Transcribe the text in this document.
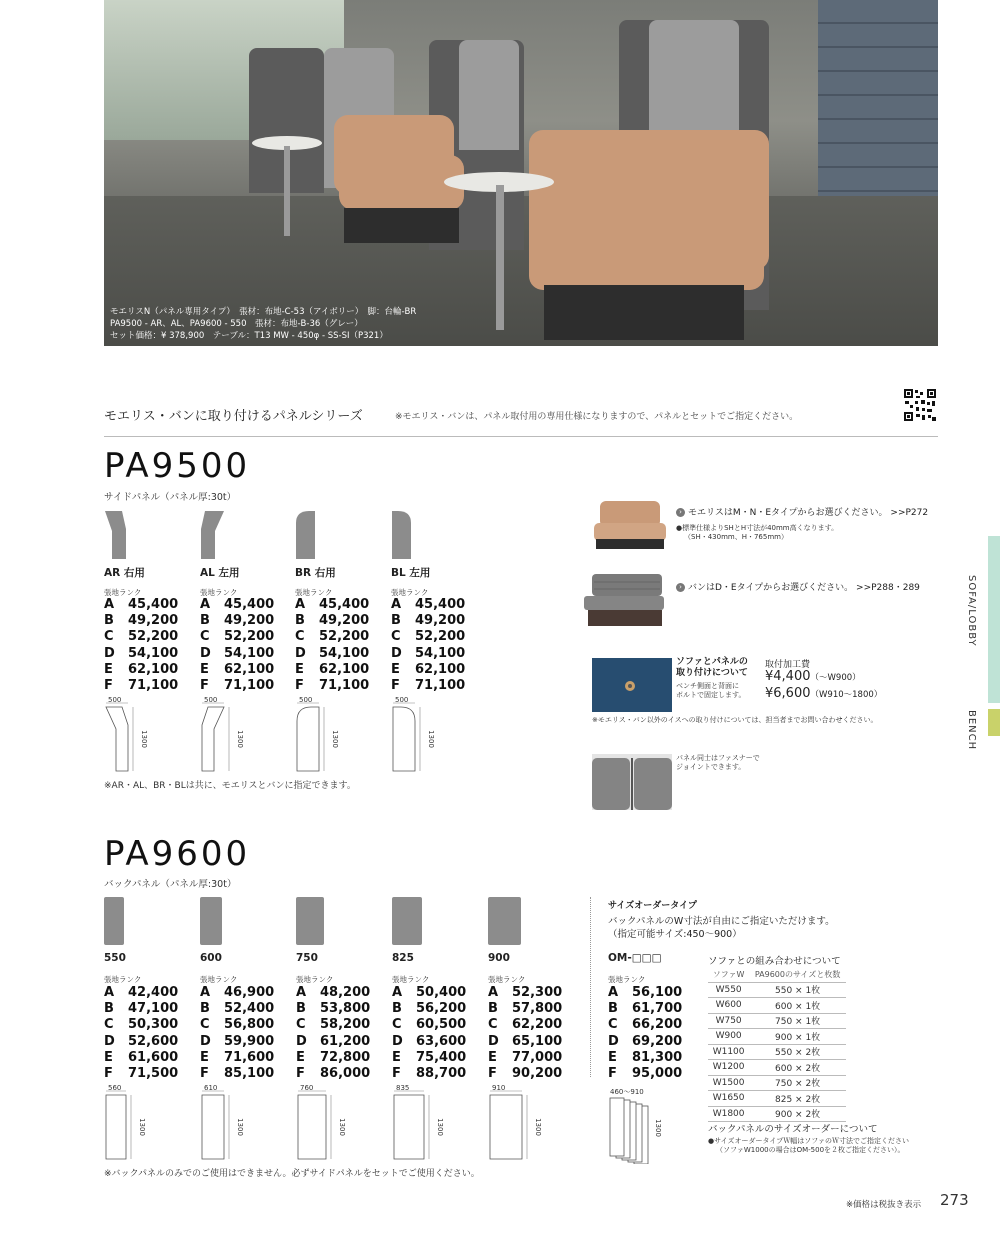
モエリスN（パネル専用タイプ）　張材：布地-C-53（アイボリー）　脚：台輪-BR
PA9500 - AR、AL、PA9600 - 550　張材：布地-B-36（グレー）
セット価格：¥ 378,900　テーブル：T13 MW - 450φ - SS-SI（P321）
モエリス・バンに取り付けるパネルシリーズ	※モエリス・バンは、パネル取付用の専用仕様になりますので、パネルとセットでご指定ください。
PA9500
サイドパネル（パネル厚:30t）
AR 右用
張地ランク
A 45,400
B 49,200
C 52,200
D 54,100
E 62,100
F 71,100
500
1300
AL 左用
張地ランク
A 45,400
B 49,200
C 52,200
D 54,100
E 62,100
F 71,100
500
1300
BR 右用
張地ランク
A 45,400
B 49,200
C 52,200
D 54,100
E 62,100
F 71,100
500
1300
BL 左用
張地ランク
A 45,400
B 49,200
C 52,200
D 54,100
E 62,100
F 71,100
500
1300
※AR・AL、BR・BLは共に、モエリスとバンに指定できます。
› モエリスはM・N・Eタイプからお選びください。 >>P272
●標準仕様よりSHとH寸法が40mm高くなります。
（SH・430mm、H・765mm）
› バンはD・Eタイプからお選びください。 >>P288・289
ソファとパネルの
取り付けについて
ベンチ側面と背面に
ボルトで固定します。
取付加工費
¥4,400（〜W900）
¥6,600（W910〜1800）
※モエリス・バン以外のイスへの取り付けについては、担当者までお問い合わせください。
パネル同士はファスナーで
ジョイントできます。
SOFA/LOBBY
BENCH
PA9600
バックパネル（パネル厚:30t）
550
張地ランク
A 42,400
B 47,100
C 50,300
D 52,600
E 61,600
F 71,500
560
1300
600
張地ランク
A 46,900
B 52,400
C 56,800
D 59,900
E 71,600
F 85,100
610
1300
750
張地ランク
A 48,200
B 53,800
C 58,200
D 61,200
E 72,800
F 86,000
760
1300
825
張地ランク
A 50,400
B 56,200
C 60,500
D 63,600
E 75,400
F 88,700
835
1300
900
張地ランク
A 52,300
B 57,800
C 62,200
D 65,100
E 77,000
F 90,200
910
1300
※バックパネルのみでのご使用はできません。必ずサイドパネルをセットでご使用ください。
サイズオーダータイプ
バックパネルのW寸法が自由にご指定いただけます。
（指定可能サイズ:450〜900）
OM-□□□
張地ランク
A 56,100
B 61,700
C 66,200
D 69,200
E 81,300
F 95,000
460〜910
1300
ソファとの組み合わせについて
ソファW	PA9600のサイズと枚数
W550	550 × 1枚
W600	600 × 1枚
W750	750 × 1枚
W900	900 × 1枚
W1100	550 × 2枚
W1200	600 × 2枚
W1500	750 × 2枚
W1650	825 × 2枚
W1800	900 × 2枚
バックパネルのサイズオーダーについて
●サイズオーダータイプＷ幅はソファのＷ寸法でご指定ください
（ソファW1000の場合はOM-500を２枚ご指定ください）。
※価格は税抜き表示 273
